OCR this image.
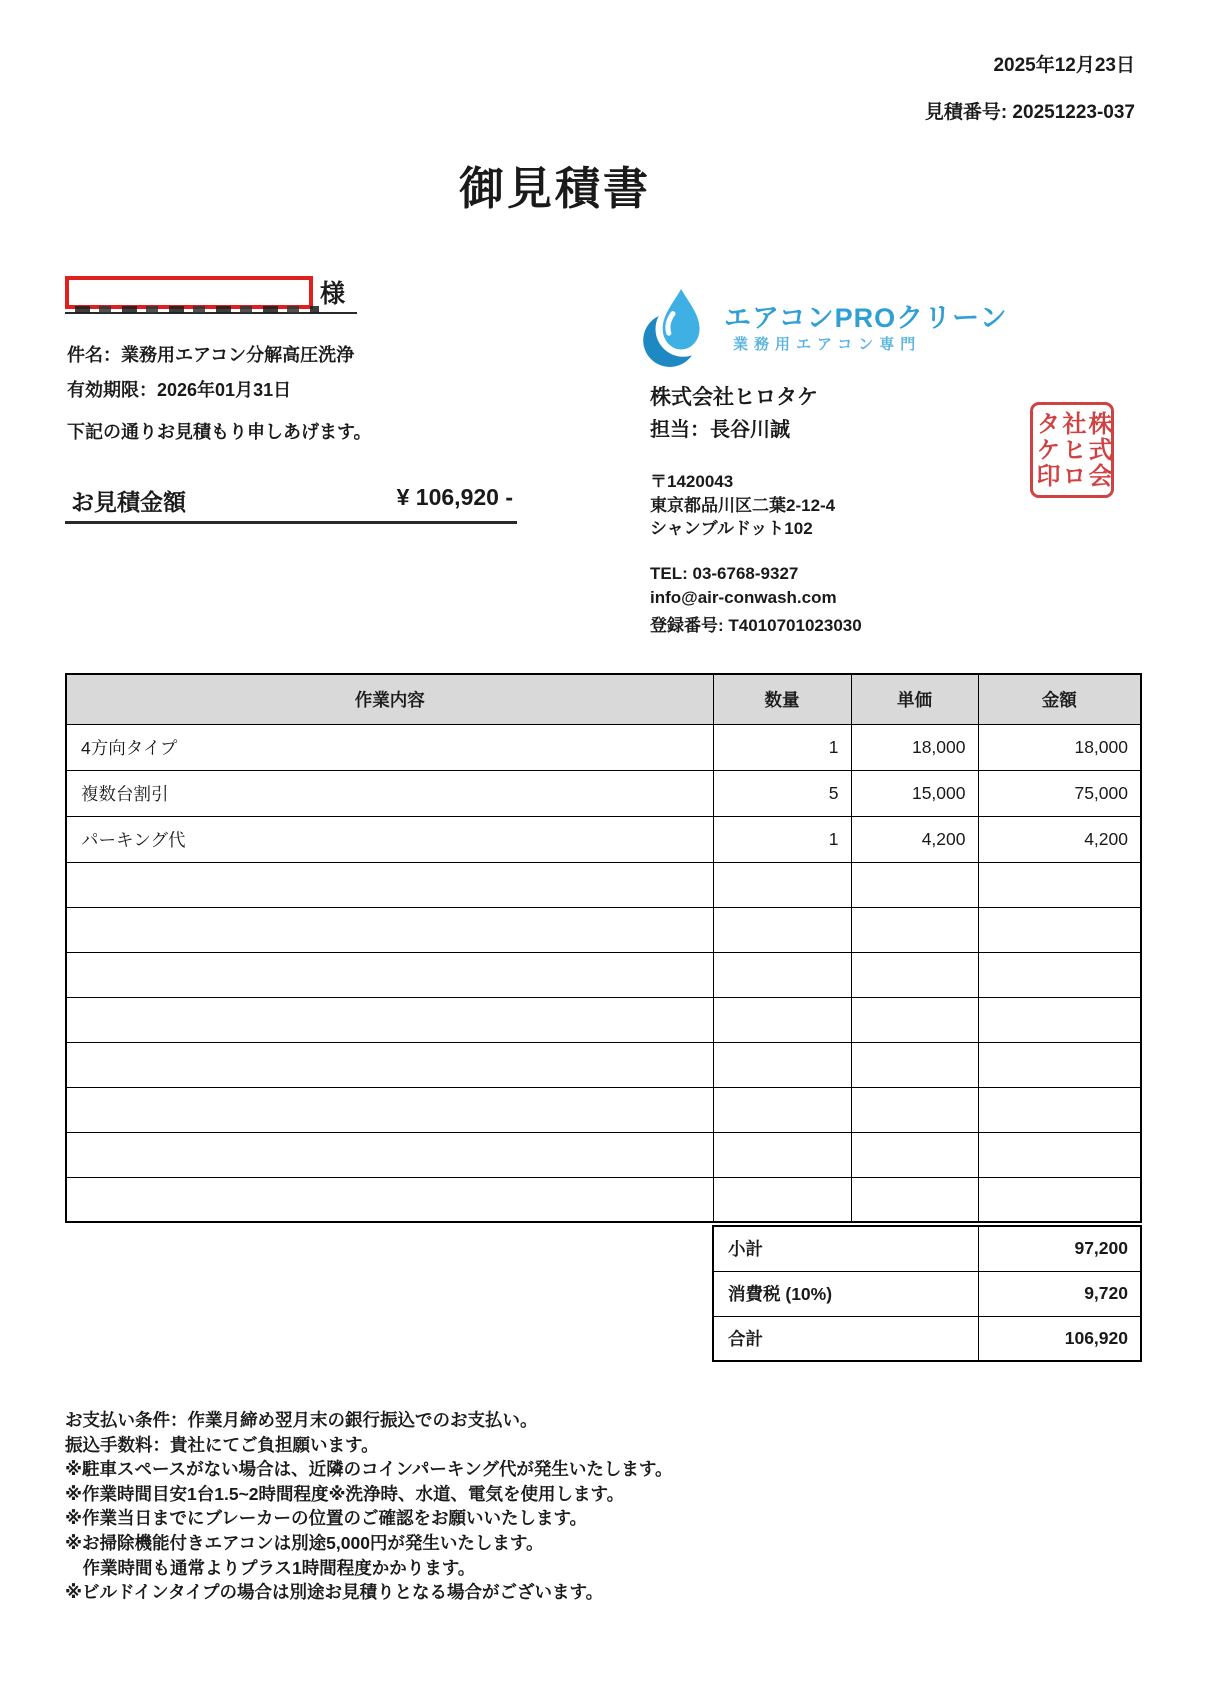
2025年12月23日
見積番号: 20251223-037
御見積書
様
件名：業務用エアコン分解高圧洗浄
有効期限：2026年01月31日
下記の通りお見積もり申しあげます。
お見積金額	¥ 106,920 -
エアコンPROクリーン
業務用エアコン専門
株式会社ヒロタケ
担当：長谷川誠
〒1420043
東京都品川区二葉2-12-4
シャンブルドット102
TEL: 03-6768-9327
info@air-conwash.com
登録番号: T4010701023030
株式会
社ヒロ
タケ印
作業内容	数量	単価	金額
4方向タイプ	1	18,000	18,000
複数台割引	5	15,000	75,000
パーキング代	1	4,200	4,200

小計	97,200
消費税 (10%)	9,720
合計	106,920
お支払い条件：作業月締め翌月末の銀行振込でのお支払い。
振込手数料：貴社にてご負担願います。
※駐車スペースがない場合は、近隣のコインパーキング代が発生いたします。
※作業時間目安1台1.5~2時間程度※洗浄時、水道、電気を使用します。
※作業当日までにブレーカーの位置のご確認をお願いいたします。
※お掃除機能付きエアコンは別途5,000円が発生いたします。
　作業時間も通常よりプラス1時間程度かかります。
※ビルドインタイプの場合は別途お見積りとなる場合がございます。
